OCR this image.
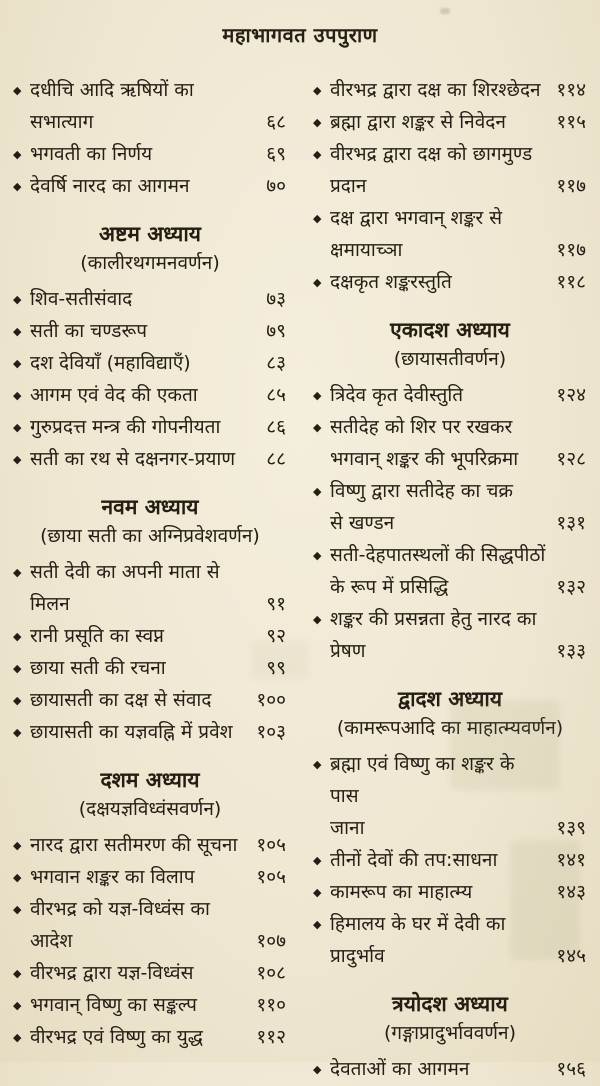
महाभागवत उपपुराण
◆ दधीचि आदि ऋषियों का
सभात्याग	६८
◆ भगवती का निर्णय	६९
◆ देवर्षि नारद का आगमन	७०
अष्टम अध्याय
(कालीरथगमनवर्णन)
◆ शिव-सतीसंवाद	७३
◆ सती का चण्डरूप	७९
◆ दश देवियाँ (महाविद्याएँ)	८३
◆ आगम एवं वेद की एकता	८५
◆ गुरुप्रदत्त मन्त्र की गोपनीयता	८६
◆ सती का रथ से दक्षनगर-प्रयाण	८८
नवम अध्याय
(छाया सती का अग्निप्रवेशवर्णन)
◆ सती देवी का अपनी माता से
मिलन	९१
◆ रानी प्रसूति का स्वप्न	९२
◆ छाया सती की रचना	९९
◆ छायासती का दक्ष से संवाद	१००
◆ छायासती का यज्ञवह्नि में प्रवेश	१०३
दशम अध्याय
(दक्षयज्ञविध्वंसवर्णन)
◆ नारद द्वारा सतीमरण की सूचना १०५
◆ भगवान शङ्कर का विलाप	१०५
◆ वीरभद्र को यज्ञ-विध्वंस का
आदेश	१०७
◆ वीरभद्र द्वारा यज्ञ-विध्वंस	१०८
◆ भगवान् विष्णु का सङ्कल्प	११०
◆ वीरभद्र एवं विष्णु का युद्ध	११२
◆ वीरभद्र द्वारा दक्ष का शिरश्छेदन ११४
◆ ब्रह्मा द्वारा शङ्कर से निवेदन	११५
◆ वीरभद्र द्वारा दक्ष को छागमुण्ड
प्रदान	११७
◆ दक्ष द्वारा भगवान् शङ्कर से
क्षमायाच्ञा	११७
◆ दक्षकृत शङ्करस्तुति	११८
एकादश अध्याय
(छायासतीवर्णन)
◆ त्रिदेव कृत देवीस्तुति	१२४
◆ सतीदेह को शिर पर रखकर
भगवान् शङ्कर की भूपरिक्रमा	१२८
◆ विष्णु द्वारा सतीदेह का चक्र
से खण्डन	१३१
◆ सती-देहपातस्थलों की सिद्धपीठों
के रूप में प्रसिद्धि	१३२
◆ शङ्कर की प्रसन्नता हेतु नारद का
प्रेषण	१३३
द्वादश अध्याय
(कामरूपआदि का माहात्म्यवर्णन)
◆ ब्रह्मा एवं विष्णु का शङ्कर के पास
जाना	१३९
◆ तीनों देवों की तप:साधना	१४१
◆ कामरूप का माहात्म्य	१४३
◆ हिमालय के घर में देवी का
प्रादुर्भाव	१४५
त्रयोदश अध्याय
(गङ्गाप्रादुर्भाववर्णन)
◆ देवताओं का आगमन	१५६
